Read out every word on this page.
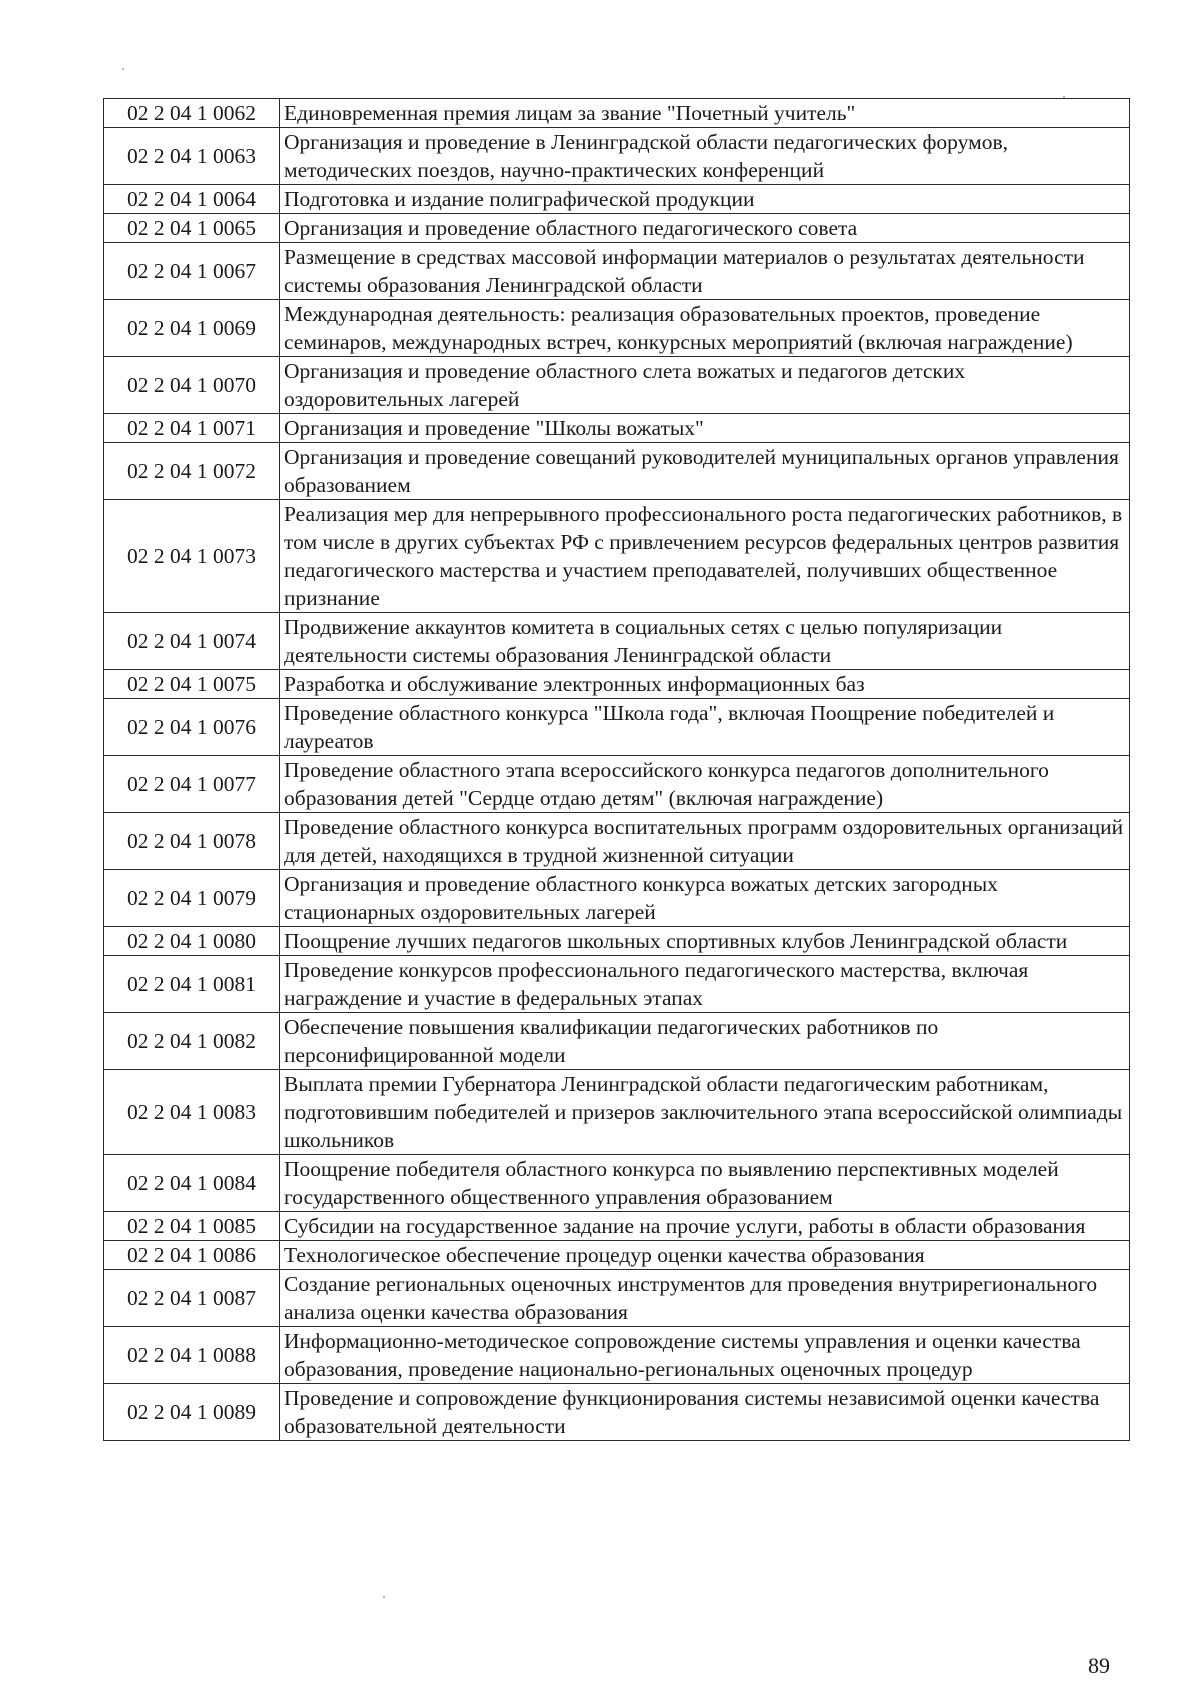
02 2 04 1 0062	Единовременная премия лицам за звание "Почетный учитель"
02 2 04 1 0063	Организация и проведение в Ленинградской области педагогических форумов, методических поездов, научно-практических конференций
02 2 04 1 0064	Подготовка и издание полиграфической продукции
02 2 04 1 0065	Организация и проведение областного педагогического совета
02 2 04 1 0067	Размещение в средствах массовой информации материалов о результатах деятельности системы образования Ленинградской области
02 2 04 1 0069	Международная деятельность: реализация образовательных проектов, проведение семинаров, международных встреч, конкурсных мероприятий (включая награждение)
02 2 04 1 0070	Организация и проведение областного слета вожатых и педагогов детских оздоровительных лагерей
02 2 04 1 0071	Организация и проведение "Школы вожатых"
02 2 04 1 0072	Организация и проведение совещаний руководителей муниципальных органов управления образованием
02 2 04 1 0073	Реализация мер для непрерывного профессионального роста педагогических работников, в том числе в других субъектах РФ с привлечением ресурсов федеральных центров развития педагогического мастерства и участием преподавателей, получивших общественное признание
02 2 04 1 0074	Продвижение аккаунтов комитета в социальных сетях с целью популяризации деятельности системы образования Ленинградской области
02 2 04 1 0075	Разработка и обслуживание электронных информационных баз
02 2 04 1 0076	Проведение областного конкурса "Школа года", включая Поощрение победителей и лауреатов
02 2 04 1 0077	Проведение областного этапа всероссийского конкурса педагогов дополнительного образования детей "Сердце отдаю детям" (включая награждение)
02 2 04 1 0078	Проведение областного конкурса воспитательных программ оздоровительных организаций для детей, находящихся в трудной жизненной ситуации
02 2 04 1 0079	Организация и проведение областного конкурса вожатых детских загородных стационарных оздоровительных лагерей
02 2 04 1 0080	Поощрение лучших педагогов школьных спортивных клубов Ленинградской области
02 2 04 1 0081	Проведение конкурсов профессионального педагогического мастерства, включая награждение и участие в федеральных этапах
02 2 04 1 0082	Обеспечение повышения квалификации педагогических работников по персонифицированной модели
02 2 04 1 0083	Выплата премии Губернатора Ленинградской области педагогическим работникам, подготовившим победителей и призеров заключительного этапа всероссийской олимпиады школьников
02 2 04 1 0084	Поощрение победителя областного конкурса по выявлению перспективных моделей государственного общественного управления образованием
02 2 04 1 0085	Субсидии на государственное задание на прочие услуги, работы в области образования
02 2 04 1 0086	Технологическое обеспечение процедур оценки качества образования
02 2 04 1 0087	Создание региональных оценочных инструментов для проведения внутрирегионального анализа оценки качества образования
02 2 04 1 0088	Информационно-методическое сопровождение системы управления и оценки качества образования, проведение национально-региональных оценочных процедур
02 2 04 1 0089	Проведение и сопровождение функционирования системы независимой оценки качества образовательной деятельности
89
